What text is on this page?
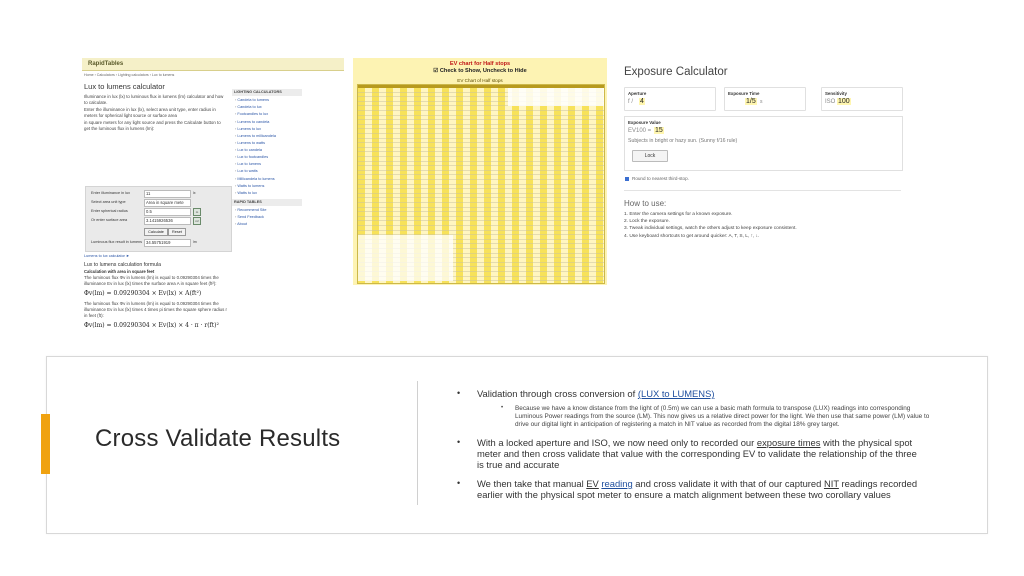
RapidTables
Home › Calculators › Lighting calculators › Lux to lumens
Lux to lumens calculator
Illuminance in lux (lx) to luminous flux in lumens (lm) calculator and how to calculate.
Enter the illuminance in lux (lx), select area unit type, enter radius in meters for spherical light source or surface area
in square meters for any light source and press the Calculate button to get the luminous flux in lumens (lm):
Enter illuminance in lux	11	lx
Select area unit type	Area in square mete
Enter spherical radius	0.5	m
Or enter surface area	3.1415926536	m²
Calculate	Reset
Luminous flux result in lumens 34.55751919	lm
Lumens to lux calculator ►
Lux to lumens calculation formula
Calculation with area in square feet
The luminous flux Φv in lumens (lm) is equal to 0.09290304 times the illuminance Ev in lux (lx) times the surface area A in square feet (ft²):
Φv(lm) = 0.09290304 × Ev(lx) × A(ft²)
The luminous flux Φv in lumens (lm) is equal to 0.09290304 times the illuminance Ev in lux (lx) times 4 times pi times the square sphere radius r in feet (ft):
Φv(lm) = 0.09290304 × Ev(lx) × 4 · π · r(ft)²
LIGHTING CALCULATORS
› Candela to lumens
› Candela to lux
› Footcandles to lux
› Lumens to candela
› Lumens to lux
› Lumens to millicandela
› Lumens to watts
› Lux to candela
› Lux to footcandles
› Lux to lumens
› Lux to watts
› Millicandela to lumens
› Watts to lumens
› Watts to lux
RAPID TABLES
› Recommend Site
› Send Feedback
› About
EV chart for Half stops
☑ Check to Show, Uncheck to Hide
EV Chart of Half stops
Exposure Calculator
Aperture
f / 4
Exposure Time
1/5 s
Sensitivity
ISO 100
Exposure Value
EV100 = 15
Subjects in bright or hazy sun. (Sunny f/16 rule)
Lock
Round to nearest third-stop.
How to use:
1. Enter the camera settings for a known exposure.
2. Lock the exposure.
3. Tweak individual settings, watch the others adjust to keep exposure consistent.
4. Use keyboard shortcuts to get around quicker: A, T, S, L, ↑, ↓.
Cross Validate Results
• Validation through cross conversion of (LUX to LUMENS)
• Because we have a know distance from the light of (0.5m) we can use a basic math formula to transpose (LUX) readings into corresponding
Luminous Power readings from the source (LM). This now gives us a relative direct power for the light. We then use that same power (LM) value to
drive our digital light in anticipation of registering a match in NIT value as recorded from the digital 18% grey target.
• With a locked aperture and ISO, we now need only to recorded our exposure times with the physical spot
meter and then cross validate that value with the corresponding EV to validate the relationship of the three
is true and accurate
• We then take that manual EV reading and cross validate it with that of our captured NIT readings recorded
earlier with the physical spot meter to ensure a match alignment between these two corollary values
